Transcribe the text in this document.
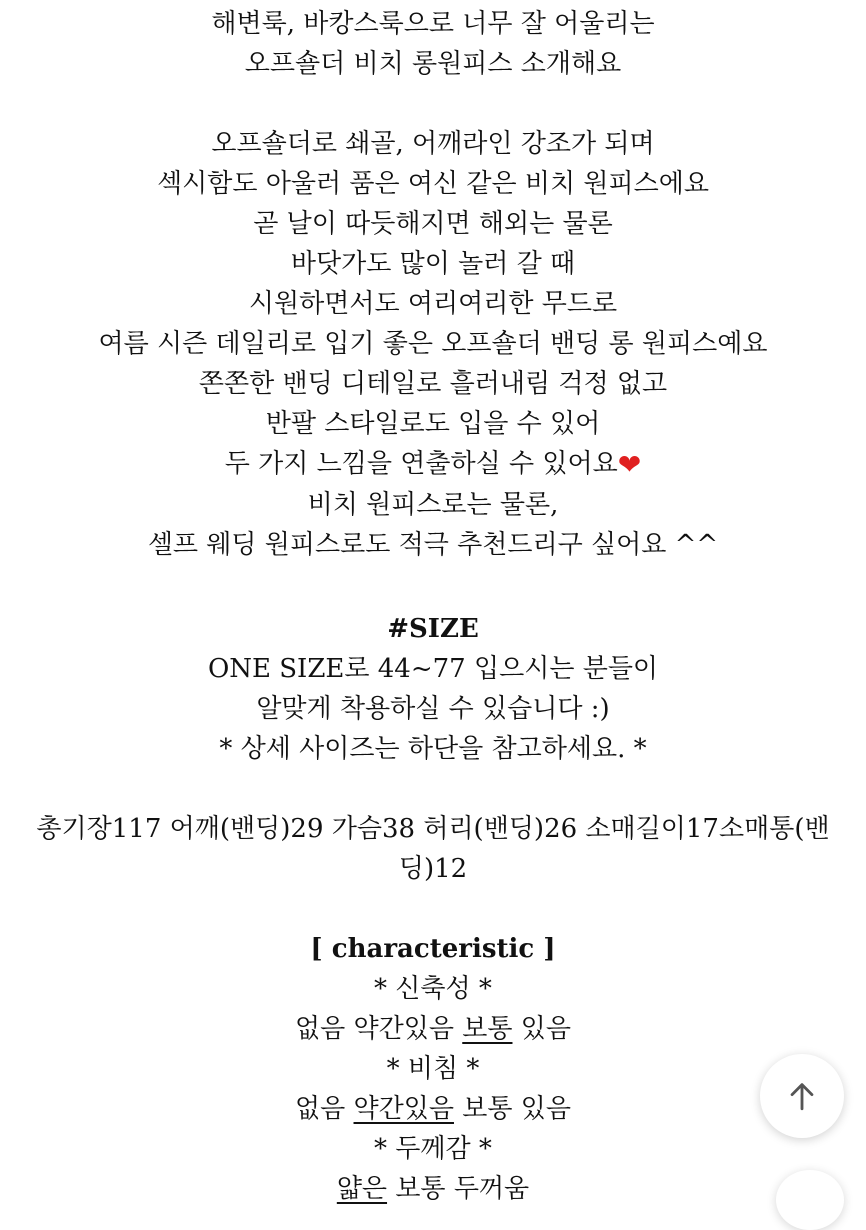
해변룩, 바캉스룩으로 너무 잘 어울리는
오프숄더 비치 롱원피스 소개해요
오프숄더로 쇄골, 어깨라인 강조가 되며
섹시함도 아울러 품은 여신 같은 비치 원피스에요
곧 날이 따듯해지면 해외는 물론
바닷가도 많이 놀러 갈 때
시원하면서도 여리여리한 무드로
여름 시즌 데일리로 입기 좋은 오프숄더 밴딩 롱 원피스예요
쫀쫀한 밴딩 디테일로 흘러내림 걱정 없고
반팔 스타일로도 입을 수 있어
두 가지 느낌을 연출하실 수 있어요❤
비치 원피스로는 물론,
셀프 웨딩 원피스로도 적극 추천드리구 싶어요 ^^
#SIZE
ONE SIZE로 44~77 입으시는 분들이
알맞게 착용하실 수 있습니다 :)
* 상세 사이즈는 하단을 참고하세요. *
총기장117 어깨(밴딩)29 가슴38 허리(밴딩)26 소매길이17소매통(밴딩)12
[ characteristic ]
* 신축성 *
없음 약간있음 보통 있음
* 비침 *
없음 약간있음 보통 있음
* 두께감 *
얇은 보통 두꺼움
